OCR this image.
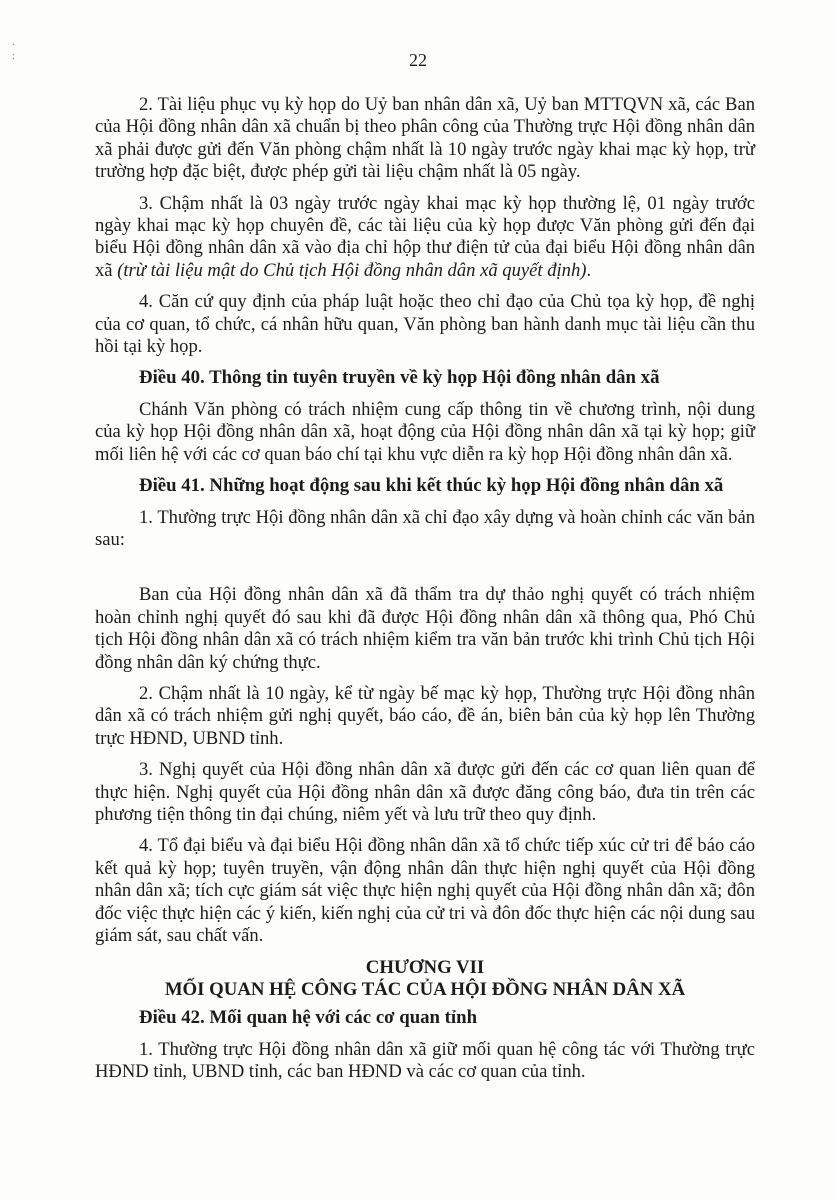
·
:	22

2. Tài liệu phục vụ kỳ họp do Uỷ ban nhân dân xã, Uỷ ban MTTQVN xã, các Ban của Hội đồng nhân dân xã chuẩn bị theo phân công của Thường trực Hội đồng nhân dân xã phải được gửi đến Văn phòng chậm nhất là 10 ngày trước ngày khai mạc kỳ họp, trừ trường hợp đặc biệt, được phép gửi tài liệu chậm nhất là 05 ngày.

3. Chậm nhất là 03 ngày trước ngày khai mạc kỳ họp thường lệ, 01 ngày trước ngày khai mạc kỳ họp chuyên đề, các tài liệu của kỳ họp được Văn phòng gửi đến đại biểu Hội đồng nhân dân xã vào địa chỉ hộp thư điện tử của đại biểu Hội đồng nhân dân xã (trừ tài liệu mật do Chủ tịch Hội đồng nhân dân xã quyết định).

4. Căn cứ quy định của pháp luật hoặc theo chỉ đạo của Chủ tọa kỳ họp, đề nghị của cơ quan, tổ chức, cá nhân hữu quan, Văn phòng ban hành danh mục tài liệu cần thu hồi tại kỳ họp.

Điều 40. Thông tin tuyên truyền về kỳ họp Hội đồng nhân dân xã

Chánh Văn phòng có trách nhiệm cung cấp thông tin về chương trình, nội dung của kỳ họp Hội đồng nhân dân xã, hoạt động của Hội đồng nhân dân xã tại kỳ họp; giữ mối liên hệ với các cơ quan báo chí tại khu vực diễn ra kỳ họp Hội đồng nhân dân xã.

Điều 41. Những hoạt động sau khi kết thúc kỳ họp Hội đồng nhân dân xã

1. Thường trực Hội đồng nhân dân xã chỉ đạo xây dựng và hoàn chỉnh các văn bản sau:

Ban của Hội đồng nhân dân xã đã thẩm tra dự thảo nghị quyết có trách nhiệm hoàn chỉnh nghị quyết đó sau khi đã được Hội đồng nhân dân xã thông qua, Phó Chủ tịch Hội đồng nhân dân xã có trách nhiệm kiểm tra văn bản trước khi trình Chủ tịch Hội đồng nhân dân ký chứng thực.

2. Chậm nhất là 10 ngày, kể từ ngày bế mạc kỳ họp, Thường trực Hội đồng nhân dân xã có trách nhiệm gửi nghị quyết, báo cáo, đề án, biên bản của kỳ họp lên Thường trực HĐND, UBND tỉnh.

3. Nghị quyết của Hội đồng nhân dân xã được gửi đến các cơ quan liên quan để thực hiện. Nghị quyết của Hội đồng nhân dân xã được đăng công báo, đưa tin trên các phương tiện thông tin đại chúng, niêm yết và lưu trữ theo quy định.

4. Tổ đại biểu và đại biểu Hội đồng nhân dân xã tổ chức tiếp xúc cử tri để báo cáo kết quả kỳ họp; tuyên truyền, vận động nhân dân thực hiện nghị quyết của Hội đồng nhân dân xã; tích cực giám sát việc thực hiện nghị quyết của Hội đồng nhân dân xã; đôn đốc việc thực hiện các ý kiến, kiến nghị của cử tri và đôn đốc thực hiện các nội dung sau giám sát, sau chất vấn.

CHƯƠNG VII

MỐI QUAN HỆ CÔNG TÁC CỦA HỘI ĐỒNG NHÂN DÂN XÃ

Điều 42. Mối quan hệ với các cơ quan tỉnh

1. Thường trực Hội đồng nhân dân xã giữ mối quan hệ công tác với Thường trực HĐND tỉnh, UBND tỉnh, các ban HĐND và các cơ quan của tỉnh.
